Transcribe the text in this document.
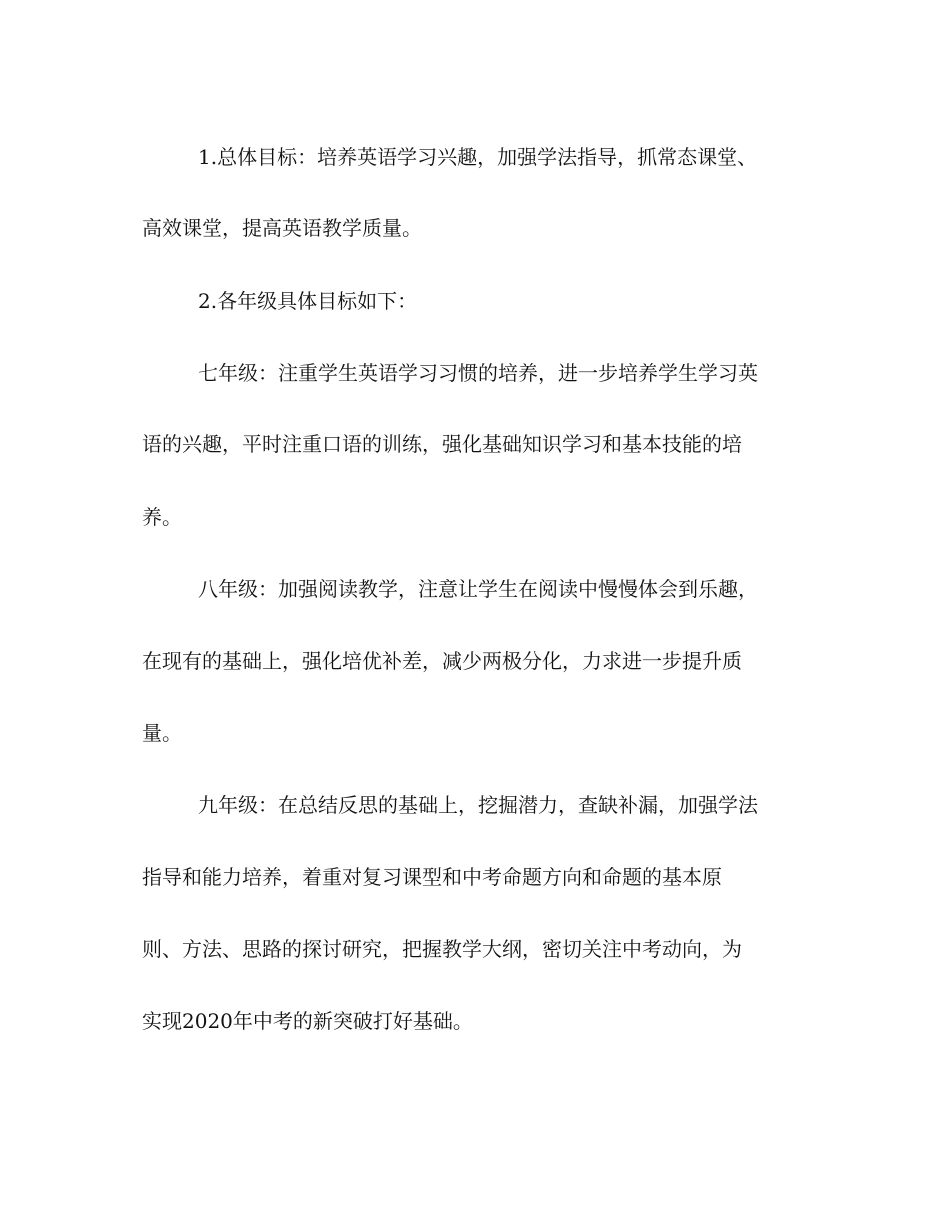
1.总体目标：培养英语学习兴趣，加强学法指导，抓常态课堂、

高效课堂，提高英语教学质量。

2.各年级具体目标如下：

七年级：注重学生英语学习习惯的培养，进一步培养学生学习英

语的兴趣，平时注重口语的训练，强化基础知识学习和基本技能的培

养。

八年级：加强阅读教学，注意让学生在阅读中慢慢体会到乐趣，

在现有的基础上，强化培优补差，减少两极分化，力求进一步提升质

量。

九年级：在总结反思的基础上，挖掘潜力，查缺补漏，加强学法

指导和能力培养，着重对复习课型和中考命题方向和命题的基本原

则、方法、思路的探讨研究，把握教学大纲，密切关注中考动向，为

实现2020年中考的新突破打好基础。
